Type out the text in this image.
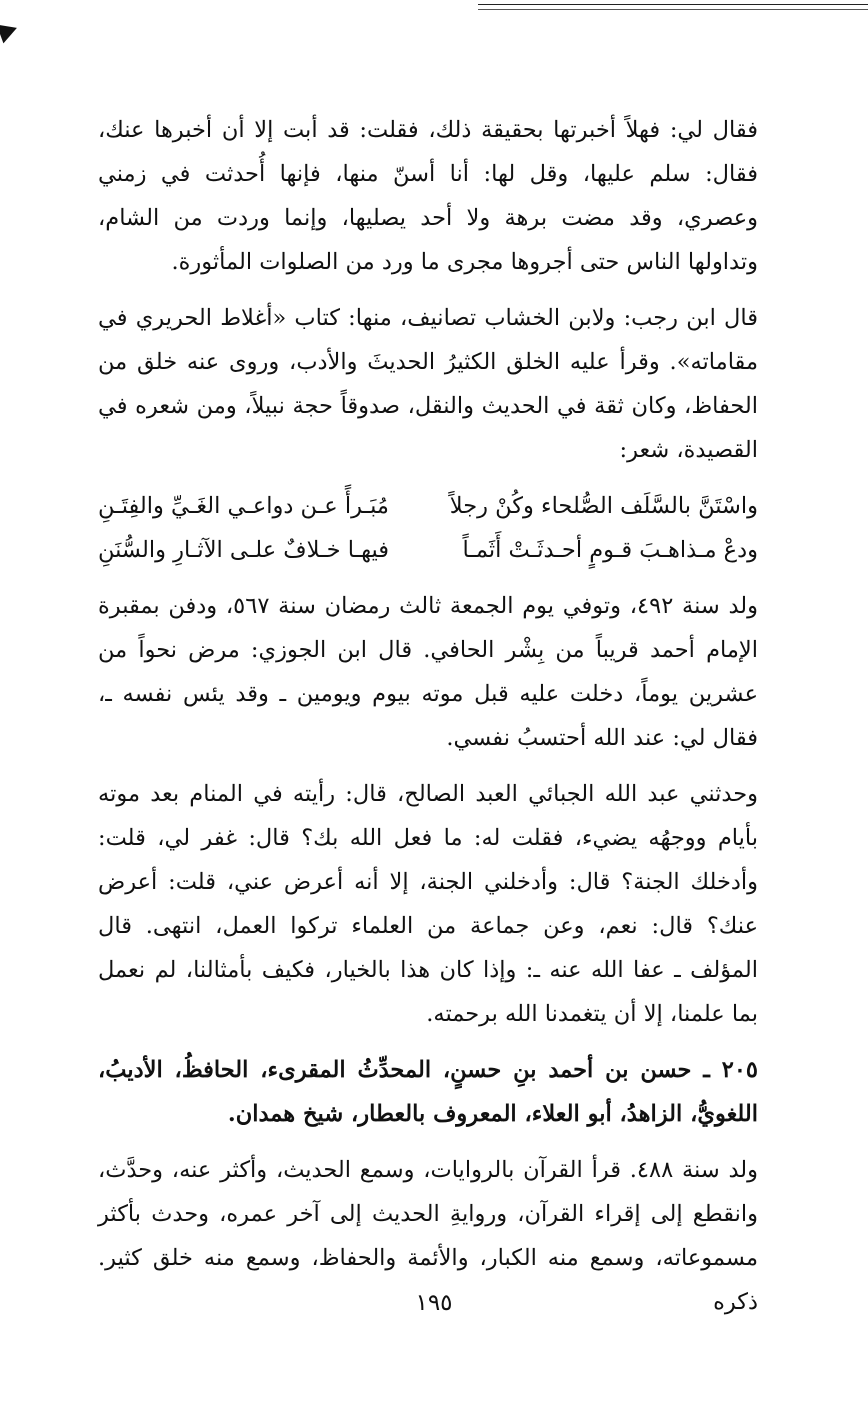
فقال لي: فهلاً أخبرتها بحقيقة ذلك، فقلت: قد أبت إلا أن أخبرها عنك، فقال: سلم عليها، وقل لها: أنا أسنّ منها، فإنها أُحدثت في زمني وعصري، وقد مضت برهة ولا أحد يصليها، وإنما وردت من الشام، وتداولها الناس حتى أجروها مجرى ما ورد من الصلوات المأثورة.

قال ابن رجب: ولابن الخشاب تصانيف، منها: كتاب «أغلاط الحريري في مقاماته». وقرأ عليه الخلق الكثيرُ الحديثَ والأدب، وروى عنه خلق من الحفاظ، وكان ثقة في الحديث والنقل، صدوقاً حجة نبيلاً، ومن شعره في القصيدة، شعر:

واسْتَنَّ بالسَّلَف الصُّلحاء وكُنْ رجلاً
مُبَـرأً عـن دواعـي الغَـيِّ والفِتَـنِ
ودعْ مـذاهـبَ قـومٍ أحـدثَـتْ أَثَمـاً
فيهـا خـلافٌ علـى الآثـارِ والسُّنَنِ

ولد سنة ٤٩٢، وتوفي يوم الجمعة ثالث رمضان سنة ٥٦٧، ودفن بمقبرة الإمام أحمد قريباً من بِشْر الحافي. قال ابن الجوزي: مرض نحواً من عشرين يوماً، دخلت عليه قبل موته بيوم ويومين ـ وقد يئس نفسه ـ، فقال لي: عند الله أحتسبُ نفسي.

وحدثني عبد الله الجبائي العبد الصالح، قال: رأيته في المنام بعد موته بأيام ووجهُه يضيء، فقلت له: ما فعل الله بك؟ قال: غفر لي، قلت: وأدخلك الجنة؟ قال: وأدخلني الجنة، إلا أنه أعرض عني، قلت: أعرض عنك؟ قال: نعم، وعن جماعة من العلماء تركوا العمل، انتهى. قال المؤلف ـ عفا الله عنه ـ: وإذا كان هذا بالخيار، فكيف بأمثالنا، لم نعمل بما علمنا، إلا أن يتغمدنا الله برحمته.

٢٠٥ ـ حسن بن أحمد بنِ حسنٍ، المحدِّثُ المقرىء، الحافظُ، الأديبُ، اللغويُّ، الزاهدُ، أبو العلاء، المعروف بالعطار، شيخ همدان.

ولد سنة ٤٨٨. قرأ القرآن بالروايات، وسمع الحديث، وأكثر عنه، وحدَّث، وانقطع إلى إقراء القرآن، وروايةِ الحديث إلى آخر عمره، وحدث بأكثر مسموعاته، وسمع منه الكبار، والأئمة والحفاظ، وسمع منه خلق كثير. ذكره

١٩٥
